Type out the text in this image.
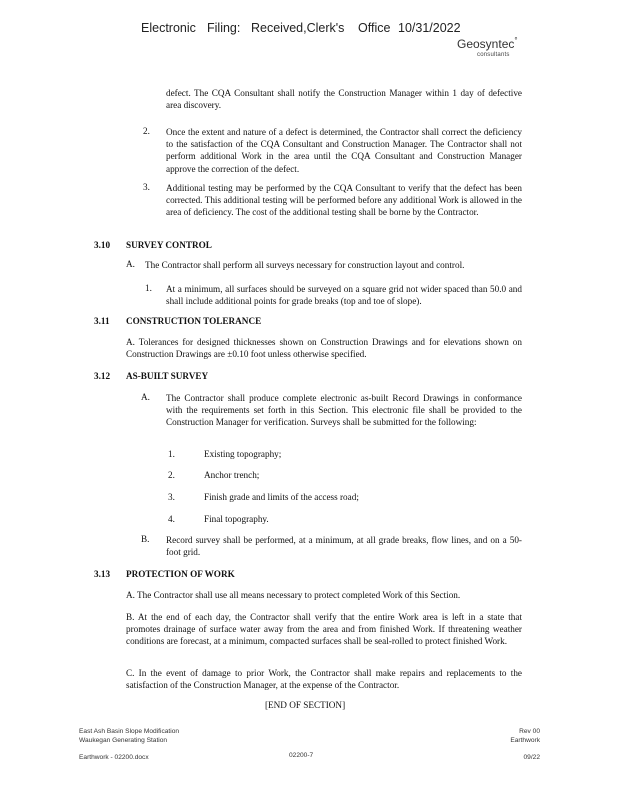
Electronic Filing: Received,Clerk's Office 10/31/2022
Geosyntec°
consultants
defect. The CQA Consultant shall notify the Construction Manager within 1 day of defective area discovery.
2. Once the extent and nature of a defect is determined, the Contractor shall correct the deficiency to the satisfaction of the CQA Consultant and Construction Manager. The Contractor shall not perform additional Work in the area until the CQA Consultant and Construction Manager approve the correction of the defect.
3. Additional testing may be performed by the CQA Consultant to verify that the defect has been corrected. This additional testing will be performed before any additional Work is allowed in the area of deficiency. The cost of the additional testing shall be borne by the Contractor.
3.10 SURVEY CONTROL
A. The Contractor shall perform all surveys necessary for construction layout and control.
1. At a minimum, all surfaces should be surveyed on a square grid not wider spaced than 50.0 and shall include additional points for grade breaks (top and toe of slope).
3.11 CONSTRUCTION TOLERANCE
A. Tolerances for designed thicknesses shown on Construction Drawings and for elevations shown on Construction Drawings are ±0.10 foot unless otherwise specified.
3.12 AS-BUILT SURVEY
A. The Contractor shall produce complete electronic as-built Record Drawings in conformance with the requirements set forth in this Section. This electronic file shall be provided to the Construction Manager for verification. Surveys shall be submitted for the following:
1.	Existing topography;
2.	Anchor trench;
3.	Finish grade and limits of the access road;
4.	Final topography.
B. Record survey shall be performed, at a minimum, at all grade breaks, flow lines, and on a 50-foot grid.
3.13 PROTECTION OF WORK
A. The Contractor shall use all means necessary to protect completed Work of this Section.
B. At the end of each day, the Contractor shall verify that the entire Work area is left in a state that promotes drainage of surface water away from the area and from finished Work. If threatening weather conditions are forecast, at a minimum, compacted surfaces shall be seal-rolled to protect finished Work.
C. In the event of damage to prior Work, the Contractor shall make repairs and replacements to the satisfaction of the Construction Manager, at the expense of the Contractor.
[END OF SECTION]
East Ash Basin Slope Modification
Waukegan Generating Station
Earthwork - 02200.docx	02200-7
Rev 00
Earthwork
09/22
